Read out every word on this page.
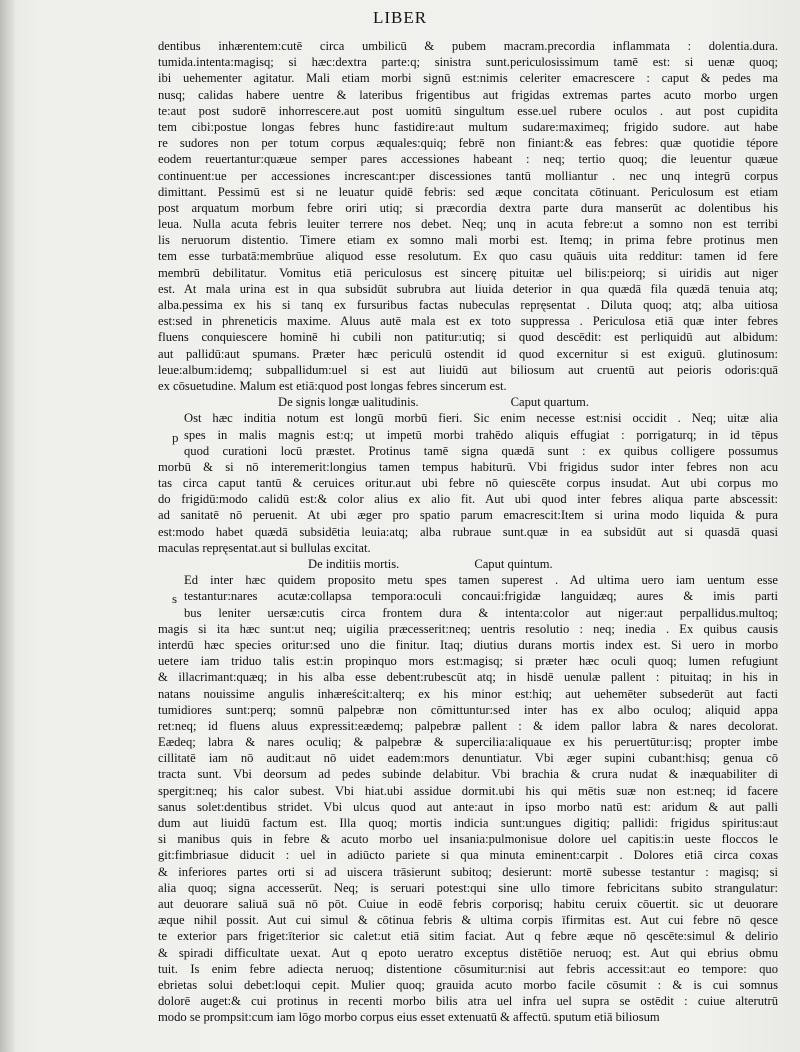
LIBER
dentibus inhærentem:cutē circa umbilicū & pubem macram.precordia inflammata : dolentia.dura.
tumida.intenta:magisq; si hæc:dextra parte:q; sinistra sunt.periculosissimum tamē est: si uenæ quoq;
ibi uehementer agitatur. Mali etiam morbi signū est:nimis celeriter emacrescere : caput & pedes ma
nusq; calidas habere uentre & lateribus frigentibus aut frigidas extremas partes acuto morbo urgen
te:aut post sudorē inhorrescere.aut post uomitū singultum esse.uel rubere oculos . aut post cupidita
tem cibi:postue longas febres hunc fastidire:aut multum sudare:maximeq; frigido sudore. aut habe
re sudores non per totum corpus æquales:quiq; febrē non finiant:& eas febres: quæ quotidie tépore
eodem reuertantur:quæue semper pares accessiones habeant : neq; tertio quoq; die leuentur quæue
continuent:ue per accessiones increscant:per discessiones tantū molliantur . nec unq integrū corpus
dimittant. Pessimū est si ne leuatur quidē febris: sed æque concitata cōtinuant. Periculosum est etiam
post arquatum morbum febre oriri utiq; si præcordia dextra parte dura manserūt ac dolentibus his
leua. Nulla acuta febris leuiter terrere nos debet. Neq; unq in acuta febre:ut a somno non est terribi
lis neruorum distentio. Timere etiam ex somno mali morbi est. Itemq; in prima febre protinus men
tem esse turbatā:membrūue aliquod esse resolutum. Ex quo casu quāuis uita redditur: tamen id fere
membrū debilitatur. Vomitus etiā periculosus est sincerę pituitæ uel bilis:peiorq; si uiridis aut niger
est. At mala urina est in qua subsidūt subrubra aut liuida deterior in qua quædā fila quædā tenuia atq;
alba.pessima ex his si tanq ex fursuribus factas nubeculas repręsentat . Diluta quoq; atq; alba uitiosa
est:sed in phreneticis maxime. Aluus autē mala est ex toto suppressa . Periculosa etiā quæ inter febres
fluens conquiescere hominē hi cubili non patitur:utiq; si quod descēdit: est perliquidū aut albidum:
aut pallidū:aut spumans. Præter hæc periculū ostendit id quod excernitur si est exiguū. glutinosum:
leue:album:idemq; subpallidum:uel si est aut liuidū aut biliosum aut cruentū aut peioris odoris:quā
ex cōsuetudine. Malum est etiā:quod post longas febres sincerum est.
De signis longæ ualitudinis.	Caput quartum.
Ost hæc inditia notum est longū morbū fieri. Sic enim necesse est:nisi occidit . Neq; uitæ alia
spes in malis magnis est:q; ut impetū morbi trahēdo aliquis effugiat : porrigaturq; in id tēpus
quod curationi locū præstet. Protinus tamē signa quædā sunt : ex quibus colligere possumus
morbū & si nō interemerit:longius tamen tempus habiturū. Vbi frigidus sudor inter febres non acu
tas circa caput tantū & ceruices oritur.aut ubi febre nō quiescēte corpus insudat. Aut ubi corpus mo
do frigidū:modo calidū est:& color alius ex alio fit. Aut ubi quod inter febres aliqua parte abscessit:
ad sanitatē nō peruenit. At ubi æger pro spatio parum emacrescit:Item si urina modo liquida & pura
est:modo habet quædā subsidētia leuia:atq; alba rubraue sunt.quæ in ea subsidūt aut si quasdā quasi
maculas repręsentat.aut si bullulas excitat.
De inditiis mortis.	Caput quintum.
Ed inter hæc quidem proposito metu spes tamen superest . Ad ultima uero iam uentum esse
testantur:nares acutæ:collapsa tempora:oculi concaui:frigidæ languidæq; aures & imis parti
bus leniter uersæ:cutis circa frontem dura & intenta:color aut niger:aut perpallidus.multoq;
magis si ita hæc sunt:ut neq; uigilia præcesserit:neq; uentris resolutio : neq; inedia . Ex quibus causis
interdū hæc species oritur:sed uno die finitur. Itaq; diutius durans mortis index est. Si uero in morbo
uetere iam triduo talis est:in propinquo mors est:magisq; si præter hæc oculi quoq; lumen refugiunt
& illacrimant:quæq; in his alba esse debent:rubescūt atq; in hisdē uenulæ pallent : pituitaq; in his in
natans nouissime angulis inhæreścit:alterq; ex his minor est:hiq; aut uehemēter subsederūt aut facti
tumidiores sunt:perq; somnū palpebræ non cōmittuntur:sed inter has ex albo oculoq; aliquid appa
ret:neq; id fluens aluus expressit:eædemq; palpebræ pallent : & idem pallor labra & nares decolorat.
Eædeq; labra & nares oculiq; & palpebræ & supercilia:aliquaue ex his peruertūtur:isq; propter imbe
cillitatē iam nō audit:aut nō uidet eadem:mors denuntiatur. Vbi æger supini cubant:hisq; genua cō
tracta sunt. Vbi deorsum ad pedes subinde delabitur. Vbi brachia & crura nudat & inæquabiliter di
spergit:neq; his calor subest. Vbi hiat.ubi assidue dormit.ubi his qui mētis suæ non est:neq; id facere
sanus solet:dentibus stridet. Vbi ulcus quod aut ante:aut in ipso morbo natū est: aridum & aut palli
dum aut liuidū factum est. Illa quoq; mortis indicia sunt:ungues digitiq; pallidi: frigidus spiritus:aut
si manibus quis in febre & acuto morbo uel insania:pulmonisue dolore uel capitis:in ueste floccos le
git:fimbriasue diducit : uel in adiūcto pariete si qua minuta eminent:carpit . Dolores etiā circa coxas
& inferiores partes orti si ad uiscera trāsierunt subitoq; desierunt: mortē subesse testantur : magisq; si
alia quoq; signa accesserūt. Neq; is seruari potest:qui sine ullo timore febricitans subito strangulatur:
aut deuorare saliuā suā nō pōt. Cuiue in eodē febris corporisq; habitu ceruix cōuertit. sic ut deuorare
æque nihil possit. Aut cui simul & cōtinua febris & ultima corpis īfirmitas est. Aut cui febre nō qesce
te exterior pars friget:īterior sic calet:ut etiā sitim faciat. Aut q febre æque nō qescēte:simul & delirio
& spiradi difficultate uexat. Aut q epoto ueratro exceptus distētiōe neruoq; est. Aut qui ebrius obmu
tuit. Is enim febre adiecta neruoq; distentione cōsumitur:nisi aut febris accessit:aut eo tempore: quo
ebrietas solui debet:loqui cepit. Mulier quoq; grauida acuto morbo facile cōsumit : & is cui somnus
dolorē auget:& cui protinus in recenti morbo bilis atra uel infra uel supra se ostēdit : cuiue alterutrū
modo se prompsit:cum iam lōgo morbo corpus eius esset extenuatū & affectū. sputum etiā biliosum
p
s
